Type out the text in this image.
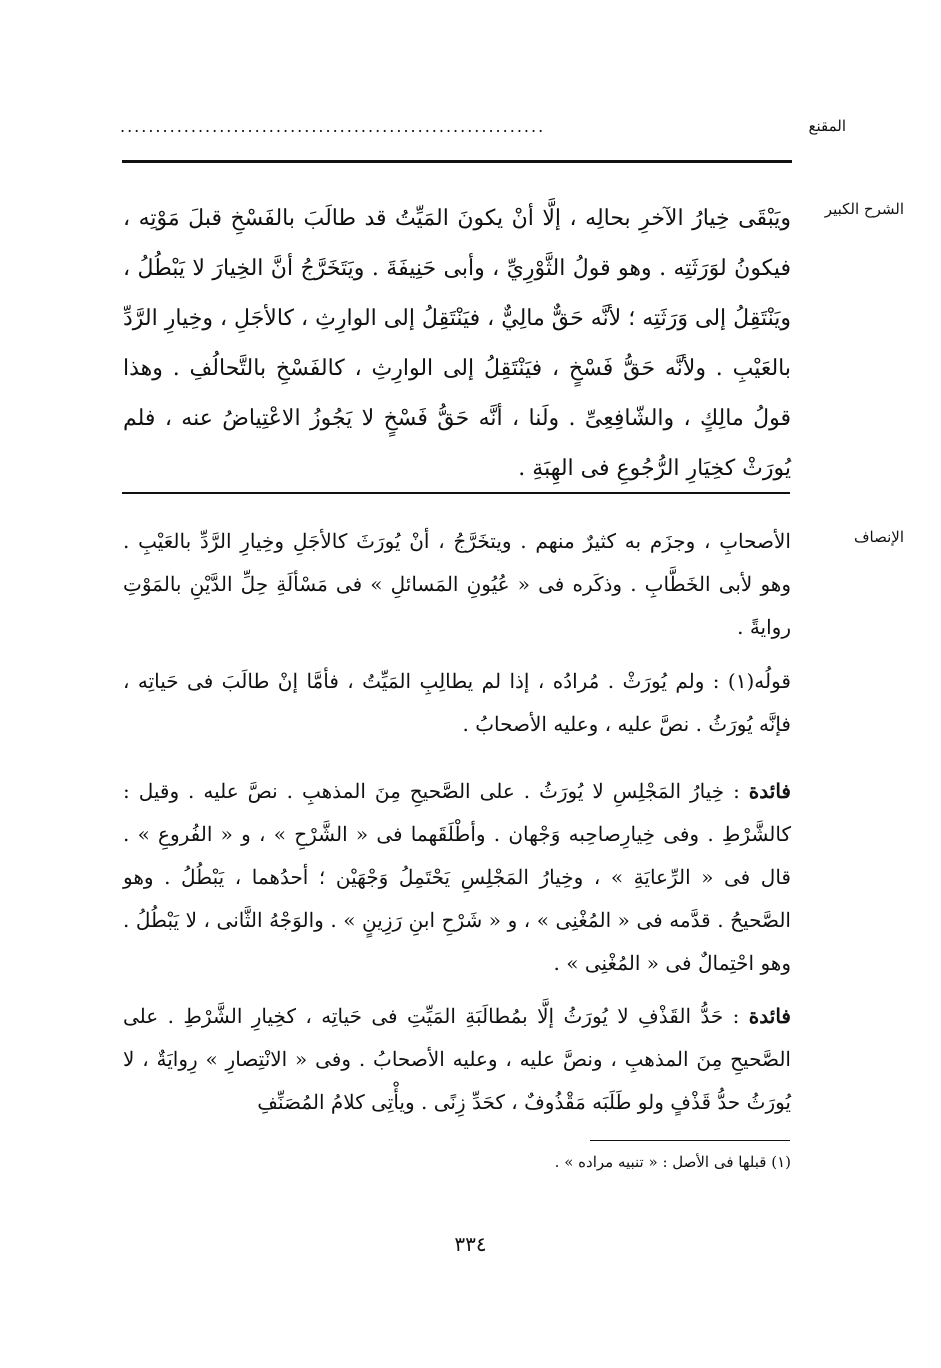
المقنع
............................................................
الشرح الكبير
الإنصاف
ويَبْقَى خِيارُ الآخرِ بحالِه ، إلَّا أنْ يكونَ المَيِّتُ قد طالَبَ بالفَسْخِ قبلَ مَوْتِه ، فيكونُ لوَرَثَتِه . وهو قولُ الثَّوْرِيِّ ، وأبى حَنِيفَةَ . ويَتَخَرَّجُ أنَّ الخِيارَ لا يَبْطُلُ ، ويَنْتَقِلُ إلى وَرَثَتِه ؛ لأنَّه حَقٌّ مالِيٌّ ، فيَنْتَقِلُ إلى الوارِثِ ، كالأجَلِ ، وخِيارِ الرَّدِّ بالعَيْبِ . ولأنَّه حَقُّ فَسْخٍ ، فيَنْتَقِلُ إلى الوارِثِ ، كالفَسْخِ بالتَّحالُفِ . وهذا قولُ مالِكٍ ، والشّافِعِىِّ . ولَنا ، أنَّه حَقُّ فَسْخٍ لا يَجُوزُ الاعْتِياضُ عنه ، فلم يُورَثْ كخِيَارِ الرُّجُوعِ فى الهِبَةِ .
الأصحابِ ، وجزَم به كثيرٌ منهم . ويتخَرَّجُ ، أنْ يُورَثَ كالأجَلِ وخِيارِ الرَّدِّ بالعَيْبِ . وهو لأبى الخَطَّابِ . وذكَره فى « عُيُونِ المَسائلِ » فى مَسْألَةِ حِلِّ الدَّيْنِ بالمَوْتِ روايةً .
قولُه(١) : ولم يُورَثْ . مُرادُه ، إذا لم يطالِبِ المَيِّتُ ، فأمَّا إنْ طالَبَ فى حَياتِه ، فإنَّه يُورَثُ . نصَّ عليه ، وعليه الأصحابُ .
فائدة : خِيارُ المَجْلِسِ لا يُورَثُ . على الصَّحيحِ مِنَ المذهبِ . نصَّ عليه . وقيل : كالشَّرْطِ . وفى خِيارِصاحِبه وَجْهان . وأطْلَقَهما فى « الشَّرْحِ » ، و « الفُروعِ » . قال فى « الرِّعايَةِ » ، وخِيارُ المَجْلِسِ يَحْتَمِلُ وَجْهَيْن ؛ أحدُهما ، يَبْطُلُ . وهو الصَّحيحُ . قدَّمه فى « المُغْنِى » ، و « شَرْحِ ابنِ رَزِينٍ » . والوَجْهُ الثَّانى ، لا يَبْطُلُ . وهو احْتِمالٌ فى « المُغْنِى » .
فائدة : حَدُّ القَذْفِ لا يُورَثُ إلَّا بمُطالَبَةِ المَيِّتِ فى حَياتِه ، كخِيارِ الشَّرْطِ . على الصَّحيحِ مِنَ المذهبِ ، ونصَّ عليه ، وعليه الأصحابُ . وفى « الانْتِصارِ » رِوايَةٌ ، لا يُورَثُ حدُّ قَذْفٍ ولو طَلَبَه مَقْذُوفٌ ، كحَدِّ زِنًى . ويأْتِى كلامُ المُصَنِّفِ
(١) قبلها فى الأصل : « تنبيه مراده » .
٣٣٤
